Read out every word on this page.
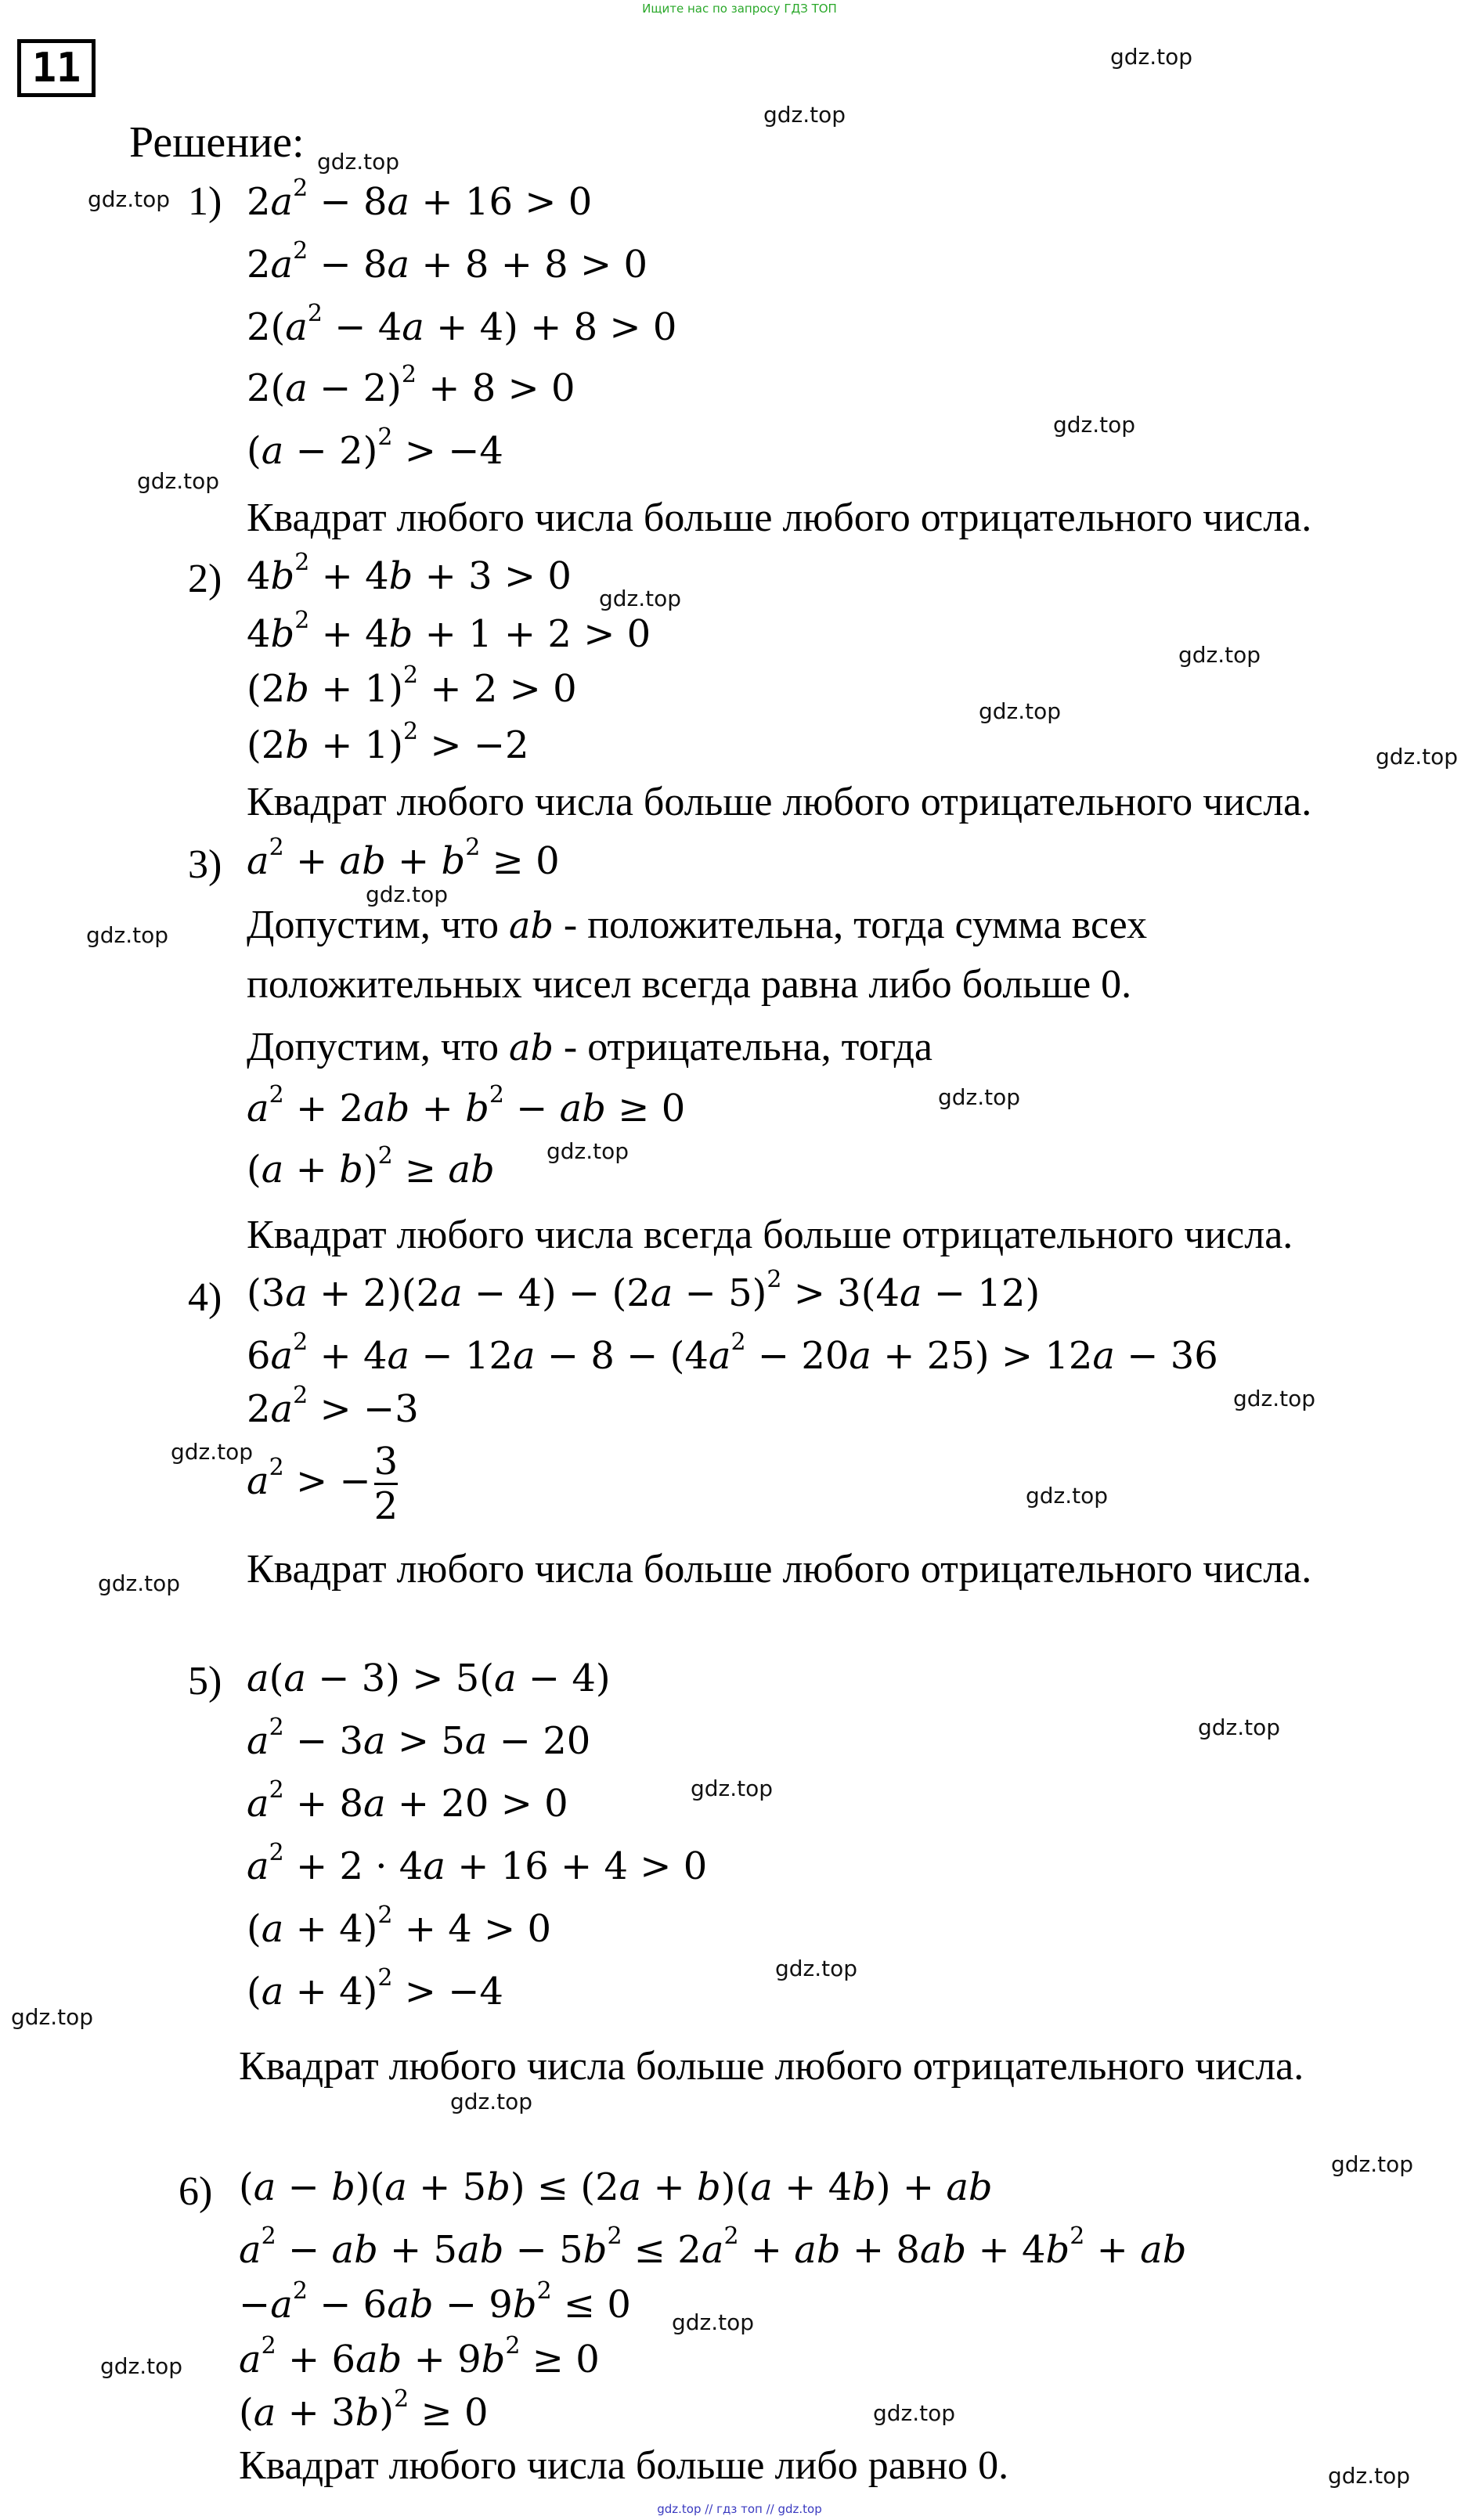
Ищите нас по запросу ГДЗ ТОП
11
Решение:
1) $2a^2 - 8a + 16 > 0$
$2a^2 - 8a + 8 + 8 > 0$
$2(a^2 - 4a + 4) + 8 > 0$
$2(a - 2)^2 + 8 > 0$
$(a - 2)^2 > -4$
Квадрат любого числа больше любого отрицательного числа.
2) $4b^2 + 4b + 3 > 0$
$4b^2 + 4b + 1 + 2 > 0$
$(2b + 1)^2 + 2 > 0$
$(2b + 1)^2 > -2$
Квадрат любого числа больше любого отрицательного числа.
3) $a^2$ + ab + $b^2 \ge 0$
Допустим, что ab - положительна, тогда сумма всех
положительных чисел всегда равна либо больше 0.
Допустим, что ab - отрицательна, тогда
$a^2 + 2ab + b^2$ − ab ≥ 0
$(a + b)^2$ ≥ ab
Квадрат любого числа всегда больше отрицательного числа.
4) $(3a + 2)(2a - 4) - (2a - 5)^2 > 3(4a - 12)$
$6a^2 + 4a - 12a - 8 - (4a^2 - 20a + 25) > 12a - 36$
$2a^2 > -3$
$a^2$ > − $\frac{3}{2}$
Квадрат любого числа больше любого отрицательного числа.
5) a(a − 3) > 5(a − 4)
$a^2 - 3a > 5a - 20$
$a^2 + 8a + 20 > 0$
$a^2 + 2 \cdot 4a + 16 + 4 > 0$
$(a + 4)^2 + 4 > 0$
$(a + 4)^2 > -4$
Квадрат любого числа больше любого отрицательного числа.
6) (a − b)(a + 5b) ≤ (2a + b)(a + 4b) + ab
$a^2$ − ab + $5ab - 5b^2 \le 2a^2$ + ab + $8ab + 4b^2$ + ab
$-a^2 - 6ab - 9b^2 \le 0$
$a^2 + 6ab + 9b^2 \ge 0$
$(a + 3b)^2 \ge 0$
Квадрат любого числа больше либо равно 0.
gdz.top
gdz.top
gdz.top
gdz.top
gdz.top
gdz.top
gdz.top
gdz.top
gdz.top
gdz.top
gdz.top
gdz.top
gdz.top
gdz.top
gdz.top
gdz.top
gdz.top
gdz.top
gdz.top
gdz.top
gdz.top
gdz.top
gdz.top
gdz.top
gdz.top
gdz.top
gdz.top
gdz.top
gdz.top // гдз топ // gdz.top
